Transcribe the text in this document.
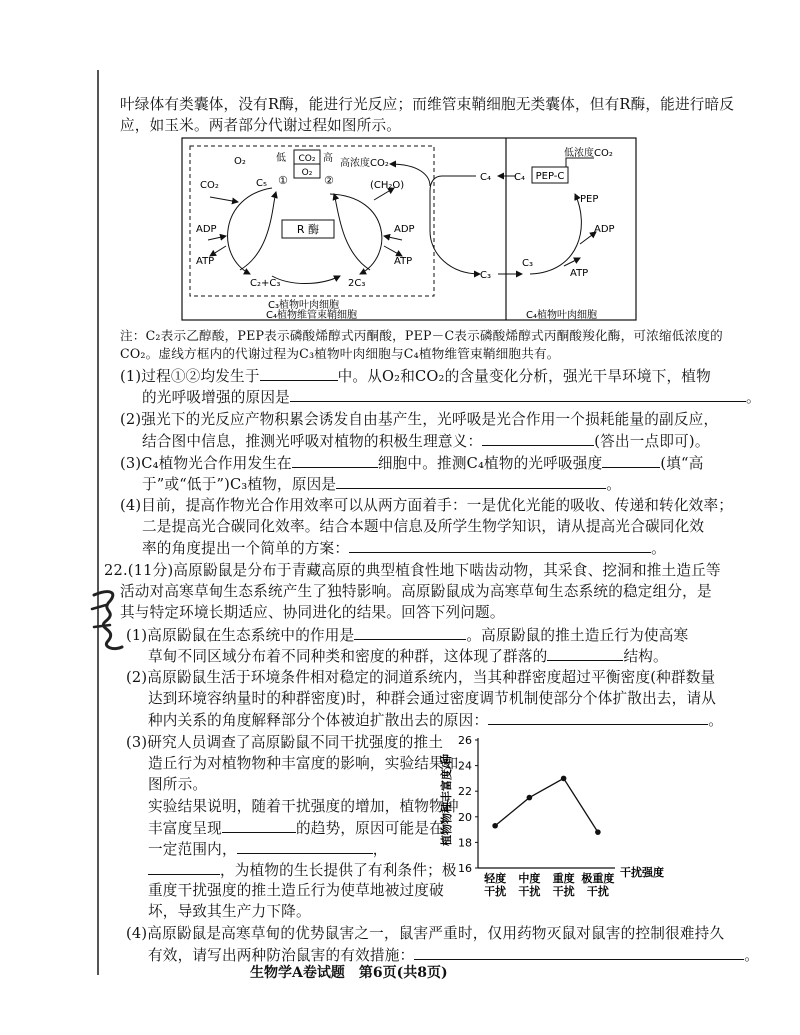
叶绿体有类囊体，没有R酶，能进行光反应；而维管束鞘细胞无类囊体，但有R酶，能进行暗反
应，如玉米。两者部分代谢过程如图所示。
R 酶
CO₂
O₂
低	高
O₂	高浓度CO₂
CO₂	C₅ ①	②	(CH₂O)
ADP
ATP
ADP
ATP
C₂+C₃	2C₃
C₃植物叶肉细胞
C₄ C₄ PEP-C
低浓度CO₂
PEP
ADP
ATP
C₃
C₃
C₄植物维管束鞘细胞	C₄植物叶肉细胞
注：C₂表示乙醇酸，PEP表示磷酸烯醇式丙酮酸，PEP－C表示磷酸烯醇式丙酮酸羧化酶，可浓缩低浓度的
CO₂。虚线方框内的代谢过程为C₃植物叶肉细胞与C₄植物维管束鞘细胞共有。
(1)过程①②均发生于	中。从O₂和CO₂的含量变化分析，强光干旱环境下，植物
的光呼吸增强的原因是	。
(2)强光下的光反应产物积累会诱发自由基产生，光呼吸是光合作用一个损耗能量的副反应，
结合图中信息，推测光呼吸对植物的积极生理意义：	(答出一点即可)。
(3)C₄植物光合作用发生在	细胞中。推测C₄植物的光呼吸强度	(填“高
于”或“低于”)C₃植物，原因是	。
(4)目前，提高作物光合作用效率可以从两方面着手：一是优化光能的吸收、传递和转化效率；
二是提高光合碳同化效率。结合本题中信息及所学生物学知识，请从提高光合碳同化效
率的角度提出一个简单的方案：	。
22.(11分)高原鼢鼠是分布于青藏高原的典型植食性地下啮齿动物，其采食、挖洞和推土造丘等
活动对高寒草甸生态系统产生了独特影响。高原鼢鼠成为高寒草甸生态系统的稳定组分，是
其与特定环境长期适应、协同进化的结果。回答下列问题。
(1)高原鼢鼠在生态系统中的作用是	。高原鼢鼠的推土造丘行为使高寒
草甸不同区域分布着不同种类和密度的种群，这体现了群落的	结构。
(2)高原鼢鼠生活于环境条件相对稳定的洞道系统内，当其种群密度超过平衡密度(种群数量
达到环境容纳量时的种群密度)时，种群会通过密度调节机制使部分个体扩散出去，请从
种内关系的角度解释部分个体被迫扩散出去的原因：	。
(3)研究人员调查了高原鼢鼠不同干扰强度的推土
造丘行为对植物物种丰富度的影响，实验结果如
图所示。
实验结果说明，随着干扰强度的增加，植物物种
丰富度呈现	的趋势，原因可能是在
一定范围内，	，
，为植物的生长提供了有利条件；极
重度干扰强度的推土造丘行为使草地被过度破
坏，导致其生产力下降。
16
18
20
22
24
26
轻度
干扰
中度
干扰
重度
干扰
极重度
干扰
植物物种丰富度/种
干扰强度
(4)高原鼢鼠是高寒草甸的优势鼠害之一，鼠害严重时，仅用药物灭鼠对鼠害的控制很难持久
有效，请写出两种防治鼠害的有效措施：	。
生物学A卷试题　第6页(共8页)
